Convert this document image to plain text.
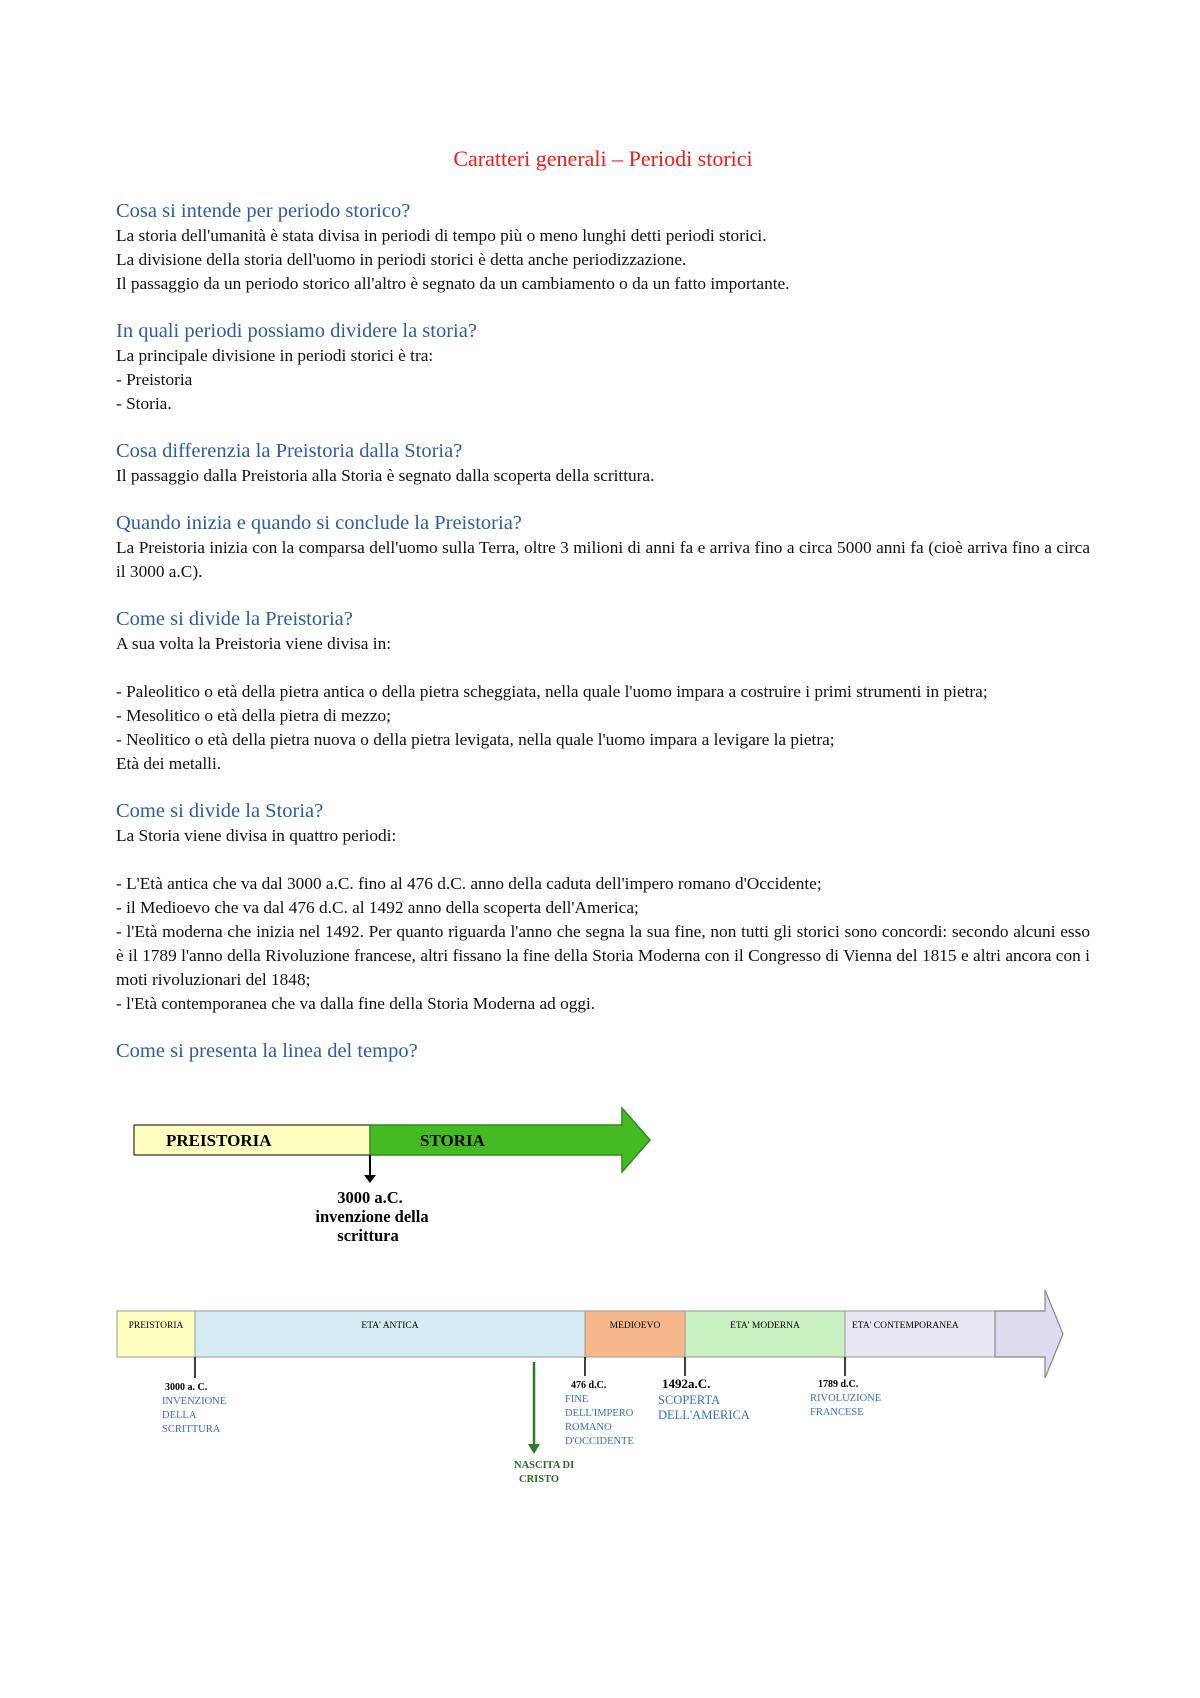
Caratteri generali – Periodi storici
Cosa si intende per periodo storico?
La storia dell'umanità è stata divisa in periodi di tempo più o meno lunghi detti periodi storici.
La divisione della storia dell'uomo in periodi storici è detta anche periodizzazione.
Il passaggio da un periodo storico all'altro è segnato da un cambiamento o da un fatto importante.
In quali periodi possiamo dividere la storia?
La principale divisione in periodi storici è tra:
- Preistoria
- Storia.
Cosa differenzia la Preistoria dalla Storia?
Il passaggio dalla Preistoria alla Storia è segnato dalla scoperta della scrittura.
Quando inizia e quando si conclude la Preistoria?
La Preistoria inizia con la comparsa dell'uomo sulla Terra, oltre 3 milioni di anni fa e arriva fino a circa 5000 anni fa (cioè arriva fino a circa il 3000 a.C).
Come si divide la Preistoria?
A sua volta la Preistoria viene divisa in:
- Paleolitico o età della pietra antica o della pietra scheggiata, nella quale l'uomo impara a costruire i primi strumenti in pietra;
- Mesolitico o età della pietra di mezzo;
- Neolitico o età della pietra nuova o della pietra levigata, nella quale l'uomo impara a levigare la pietra;
Età dei metalli.
Come si divide la Storia?
La Storia viene divisa in quattro periodi:
- L'Età antica che va dal 3000 a.C. fino al 476 d.C. anno della caduta dell'impero romano d'Occidente;
- il Medioevo che va dal 476 d.C. al 1492 anno della scoperta dell'America;
- l'Età moderna che inizia nel 1492. Per quanto riguarda l'anno che segna la sua fine, non tutti gli storici sono concordi: secondo alcuni esso è il 1789 l'anno della Rivoluzione francese, altri fissano la fine della Storia Moderna con il Congresso di Vienna del 1815 e altri ancora con i moti rivoluzionari del 1848;
- l'Età contemporanea che va dalla fine della Storia Moderna ad oggi.
Come si presenta la linea del tempo?
PREISTORIA	STORIA
3000 a.C.
invenzione della
scrittura
PREISTORIA	ETA' ANTICA	MEDIOEVO	ETA' MODERNA	ETA' CONTEMPORANEA
3000 a. C.
INVENZIONE
DELLA
SCRITTURA
476 d.C.
FINE
DELL'IMPERO
ROMANO
D'OCCIDENTE
1492a.C.
SCOPERTA
DELL'AMERICA
1789 d.C.
RIVOLUZIONE
FRANCESE
NASCITA DI
CRISTO
